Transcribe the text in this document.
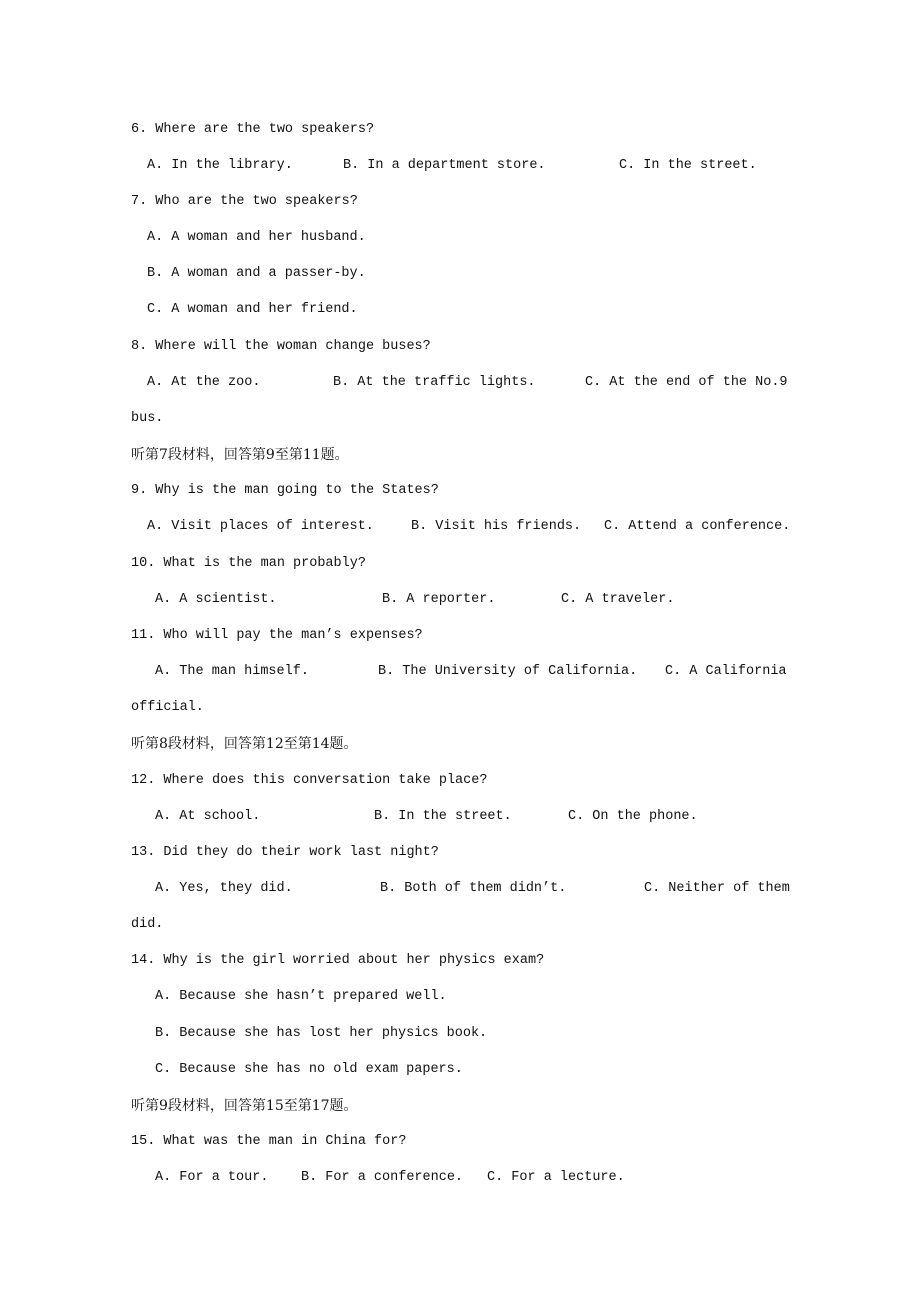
6. Where are the two speakers?
A. In the library.	B. In a department store.	C. In the street.
7. Who are the two speakers?
A. A woman and her husband.
B. A woman and a passer-by.
C. A woman and her friend.
8. Where will the woman change buses?
A. At the zoo.	B. At the traffic lights.	C. At the end of the No.9
bus.
听第7段材料，回答第9至第11题。
9. Why is the man going to the States?
A. Visit places of interest.	B. Visit his friends. C. Attend a conference.
10. What is the man probably?
A. A scientist.	B. A reporter.	C. A traveler.
11. Who will pay the man’s expenses?
A. The man himself.	B. The University of California. C. A California
official.
听第8段材料，回答第12至第14题。
12. Where does this conversation take place?
A. At school.	B. In the street.	C. On the phone.
13. Did they do their work last night?
A. Yes, they did.	B. Both of them didn’t.	C. Neither of them
did.
14. Why is the girl worried about her physics exam?
A. Because she hasn’t prepared well.
B. Because she has lost her physics book.
C. Because she has no old exam papers.
听第9段材料，回答第15至第17题。
15. What was the man in China for?
A. For a tour. B. For a conference. C. For a lecture.
